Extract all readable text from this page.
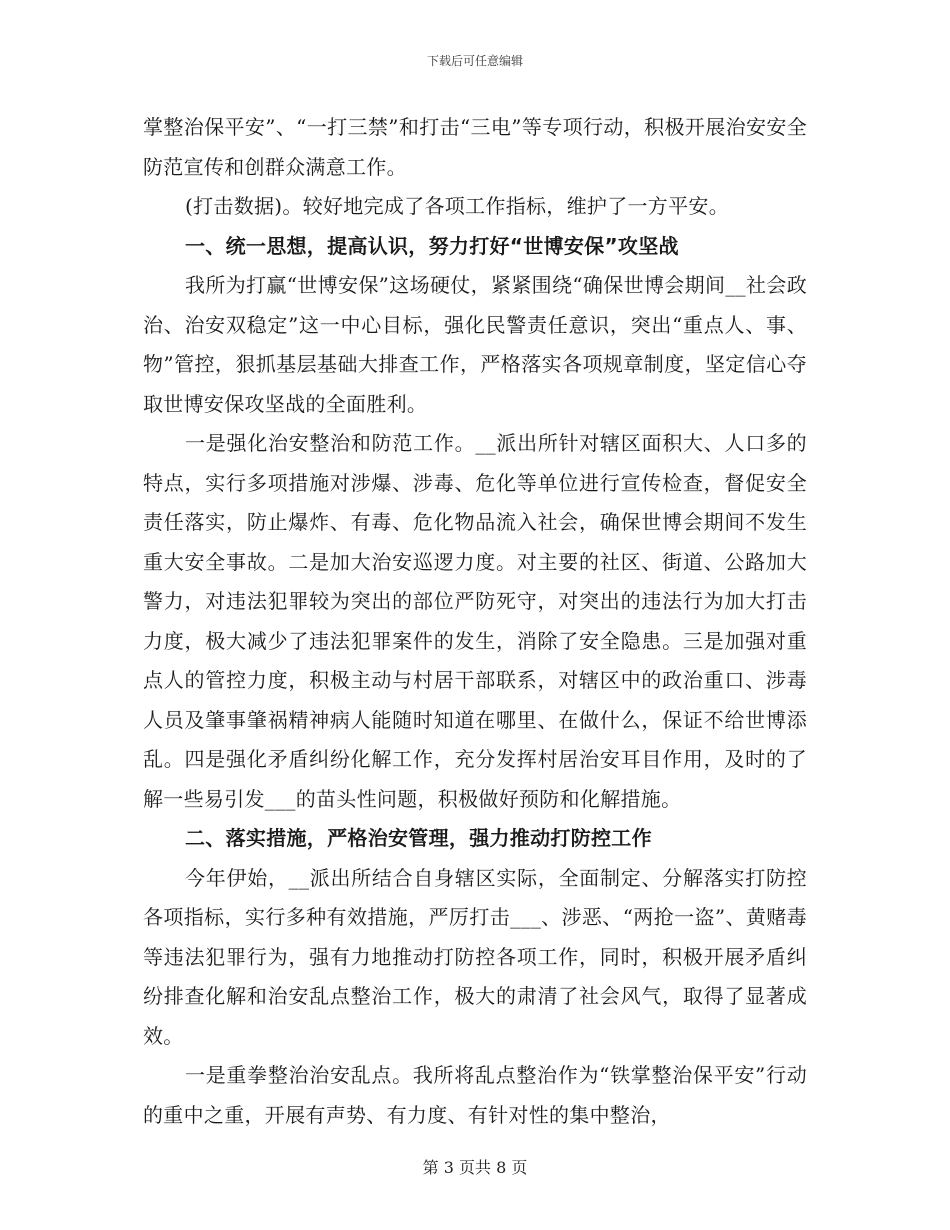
下载后可任意编辑

掌整治保平安”、“一打三禁”和打击“三电”等专项行动，积极开展治安安全防范宣传和创群众满意工作。

(打击数据)。较好地完成了各项工作指标，维护了一方平安。

一、统一思想，提高认识，努力打好“世博安保”攻坚战

我所为打赢“世博安保”这场硬仗，紧紧围绕“确保世博会期间__社会政治、治安双稳定”这一中心目标，强化民警责任意识，突出“重点人、事、物”管控，狠抓基层基础大排查工作，严格落实各项规章制度，坚定信心夺取世博安保攻坚战的全面胜利。

一是强化治安整治和防范工作。__派出所针对辖区面积大、人口多的特点，实行多项措施对涉爆、涉毒、危化等单位进行宣传检查，督促安全责任落实，防止爆炸、有毒、危化物品流入社会，确保世博会期间不发生重大安全事故。二是加大治安巡逻力度。对主要的社区、街道、公路加大警力，对违法犯罪较为突出的部位严防死守，对突出的违法行为加大打击力度，极大减少了违法犯罪案件的发生，消除了安全隐患。三是加强对重点人的管控力度，积极主动与村居干部联系，对辖区中的政治重口、涉毒人员及肇事肇祸精神病人能随时知道在哪里、在做什么，保证不给世博添乱。四是强化矛盾纠纷化解工作，充分发挥村居治安耳目作用，及时的了解一些易引发___的苗头性问题，积极做好预防和化解措施。

二、落实措施，严格治安管理，强力推动打防控工作

今年伊始，__派出所结合自身辖区实际，全面制定、分解落实打防控各项指标，实行多种有效措施，严厉打击___、涉恶、“两抢一盗”、黄赌毒等违法犯罪行为，强有力地推动打防控各项工作，同时，积极开展矛盾纠纷排查化解和治安乱点整治工作，极大的肃清了社会风气，取得了显著成效。

一是重拳整治治安乱点。我所将乱点整治作为“铁掌整治保平安”行动的重中之重，开展有声势、有力度、有针对性的集中整治，

第 3 页共 8 页
